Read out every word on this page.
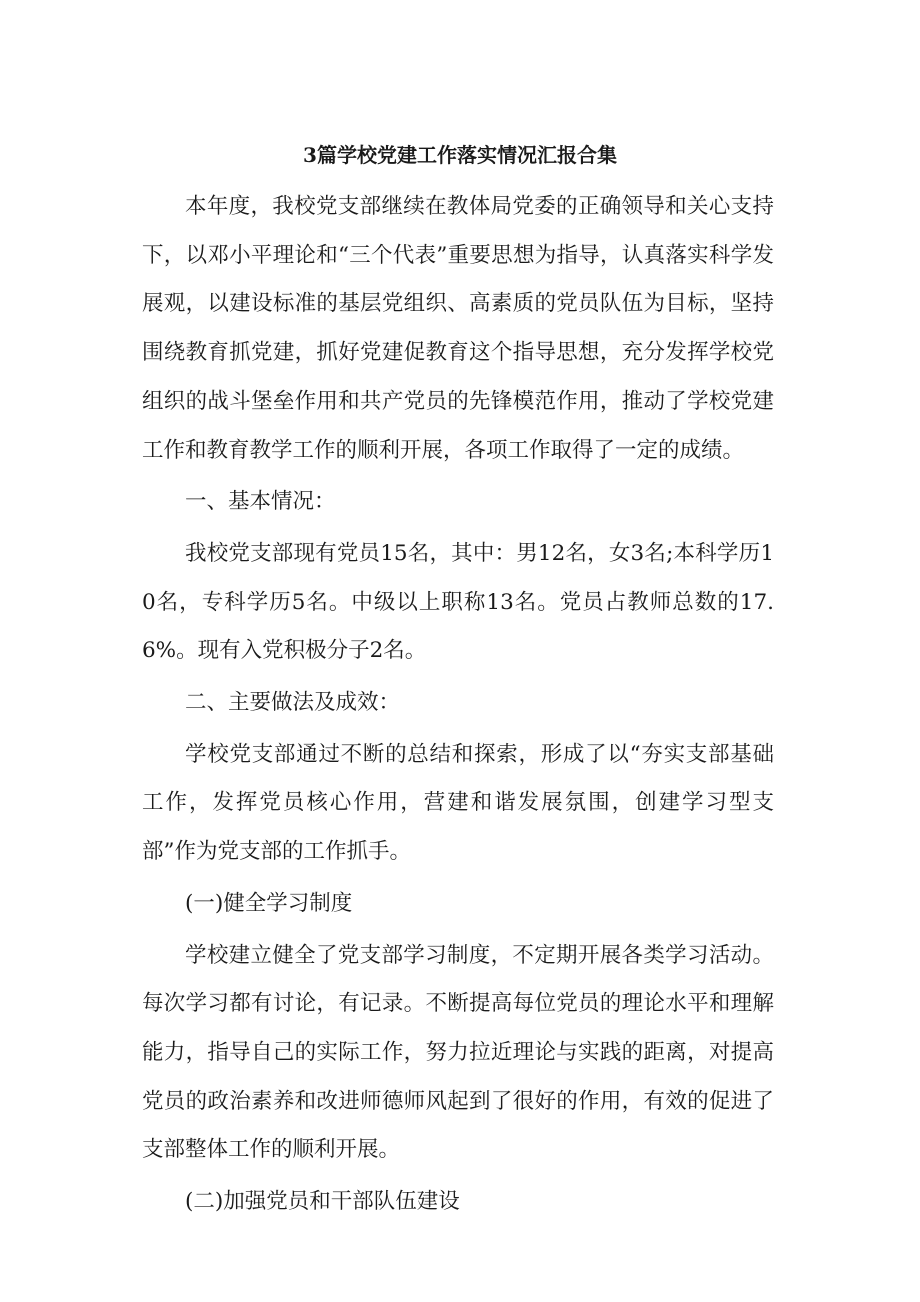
3篇学校党建工作落实情况汇报合集

本年度，我校党支部继续在教体局党委的正确领导和关心支持下，以邓小平理论和“三个代表”重要思想为指导，认真落实科学发展观，以建设标准的基层党组织、高素质的党员队伍为目标，坚持围绕教育抓党建，抓好党建促教育这个指导思想，充分发挥学校党组织的战斗堡垒作用和共产党员的先锋模范作用，推动了学校党建工作和教育教学工作的顺利开展，各项工作取得了一定的成绩。

一、基本情况：

我校党支部现有党员15名，其中：男12名，女3名;本科学历10名，专科学历5名。中级以上职称13名。党员占教师总数的17.6%。现有入党积极分子2名。

二、主要做法及成效：

学校党支部通过不断的总结和探索，形成了以“夯实支部基础工作，发挥党员核心作用，营建和谐发展氛围，创建学习型支部”作为党支部的工作抓手。

(一)健全学习制度

学校建立健全了党支部学习制度，不定期开展各类学习活动。每次学习都有讨论，有记录。不断提高每位党员的理论水平和理解能力，指导自己的实际工作，努力拉近理论与实践的距离，对提高党员的政治素养和改进师德师风起到了很好的作用，有效的促进了支部整体工作的顺利开展。

(二)加强党员和干部队伍建设
